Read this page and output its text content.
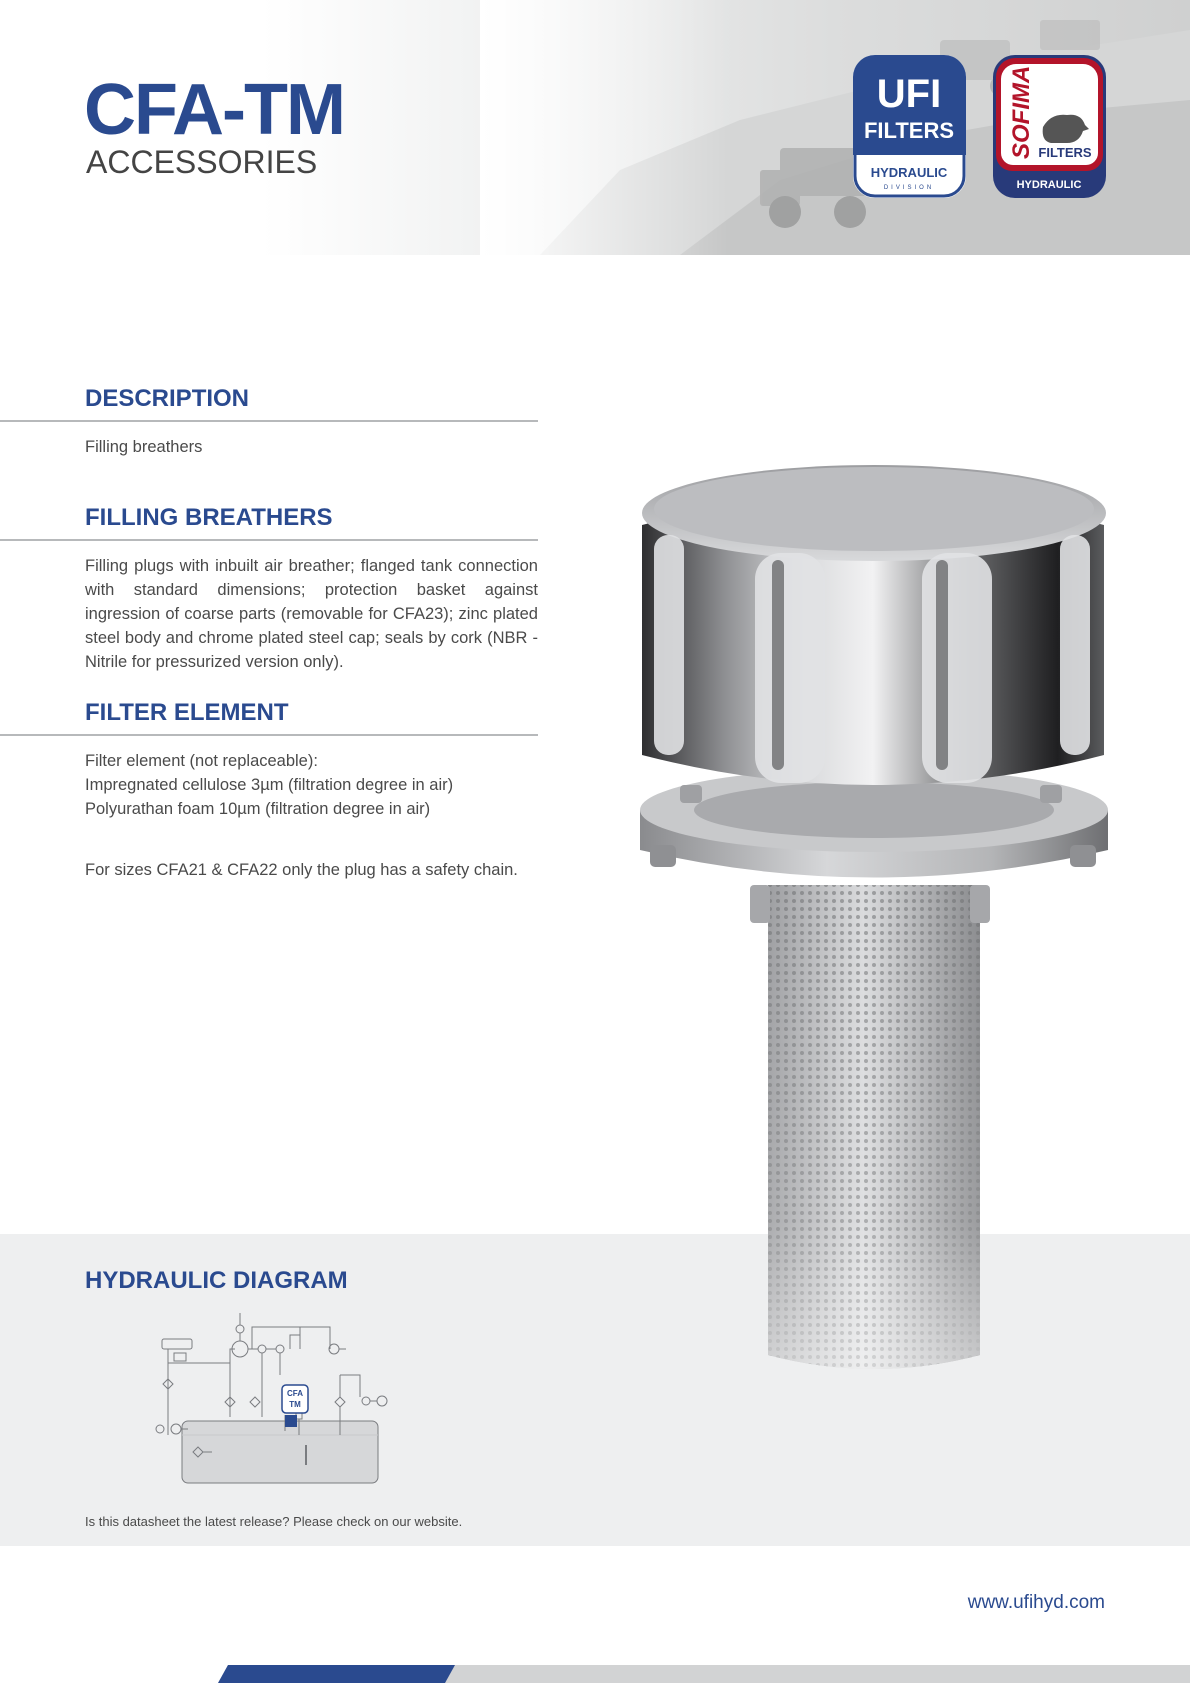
CFA-TM

ACCESSORIES

UFI
FILTERS
HYDRAULIC
DIVISION
SOFIMA FILTERS
HYDRAULIC
DESCRIPTION

Filling breathers

FILLING BREATHERS

Filling plugs with inbuilt air breather; flanged tank connection with standard dimensions; protection basket against ingression of coarse parts (removable for CFA23); zinc plated steel body and chrome plated steel cap; seals by cork (NBR - Nitrile for pressurized version only).

FILTER ELEMENT

Filter element (not replaceable):

Impregnated cellulose 3µm (filtration degree in air)

Polyurathan foam 10µm (filtration degree in air)

For sizes CFA21 & CFA22 only the plug has a safety chain.

HYDRAULIC DIAGRAM
CFA
TM

Is this datasheet the latest release? Please check on our website.

www.ufihyd.com
